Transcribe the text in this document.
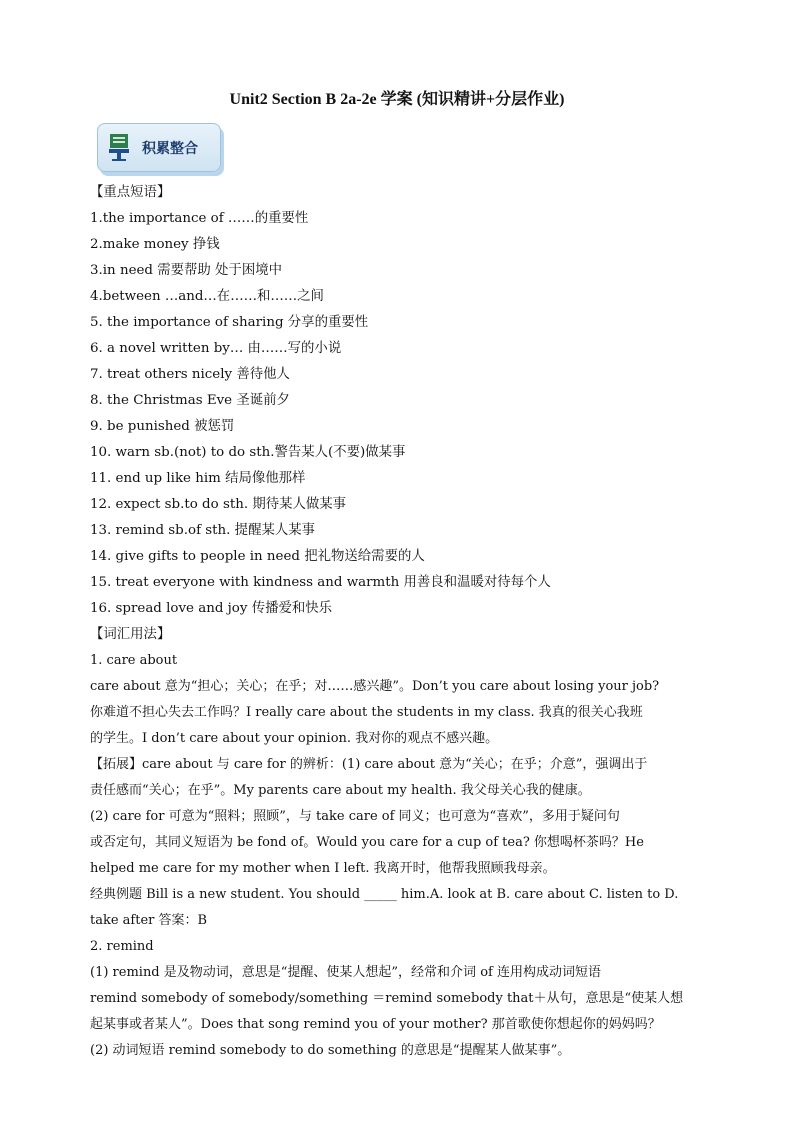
Unit2 Section B 2a-2e 学案 (知识精讲+分层作业)
积累整合
【重点短语】
1.the importance of ……的重要性
2.make money 挣钱
3.in need 需要帮助 处于困境中
4.between …and…在……和……之间
5. the importance of sharing 分享的重要性
6. a novel written by… 由……写的小说
7. treat others nicely 善待他人
8. the Christmas Eve 圣诞前夕
9. be punished 被惩罚
10. warn sb.(not) to do sth.警告某人(不要)做某事
11. end up like him 结局像他那样
12. expect sb.to do sth. 期待某人做某事
13. remind sb.of sth. 提醒某人某事
14. give gifts to people in need 把礼物送给需要的人
15. treat everyone with kindness and warmth 用善良和温暖对待每个人
16. spread love and joy 传播爱和快乐
【词汇用法】
1. care about
care about 意为“担心；关心；在乎；对……感兴趣”。Don’t you care about losing your job?
你难道不担心失去工作吗？I really care about the students in my class. 我真的很关心我班
的学生。I don’t care about your opinion. 我对你的观点不感兴趣。
【拓展】care about 与 care for 的辨析：(1) care about 意为“关心；在乎；介意”，强调出于
责任感而“关心；在乎”。My parents care about my health. 我父母关心我的健康。
(2) care for 可意为“照料；照顾”，与 take care of 同义；也可意为“喜欢”，多用于疑问句
或否定句，其同义短语为 be fond of。Would you care for a cup of tea? 你想喝杯茶吗？He
helped me care for my mother when I left. 我离开时，他帮我照顾我母亲。
经典例题 Bill is a new student. You should _____ him.A. look at B. care about C. listen to D.
take after 答案：B
2. remind
(1) remind 是及物动词，意思是“提醒、使某人想起”，经常和介词 of 连用构成动词短语
remind somebody of somebody/something ＝remind somebody that＋从句，意思是“使某人想
起某事或者某人”。Does that song remind you of your mother? 那首歌使你想起你的妈妈吗？
(2) 动词短语 remind somebody to do something 的意思是“提醒某人做某事”。
